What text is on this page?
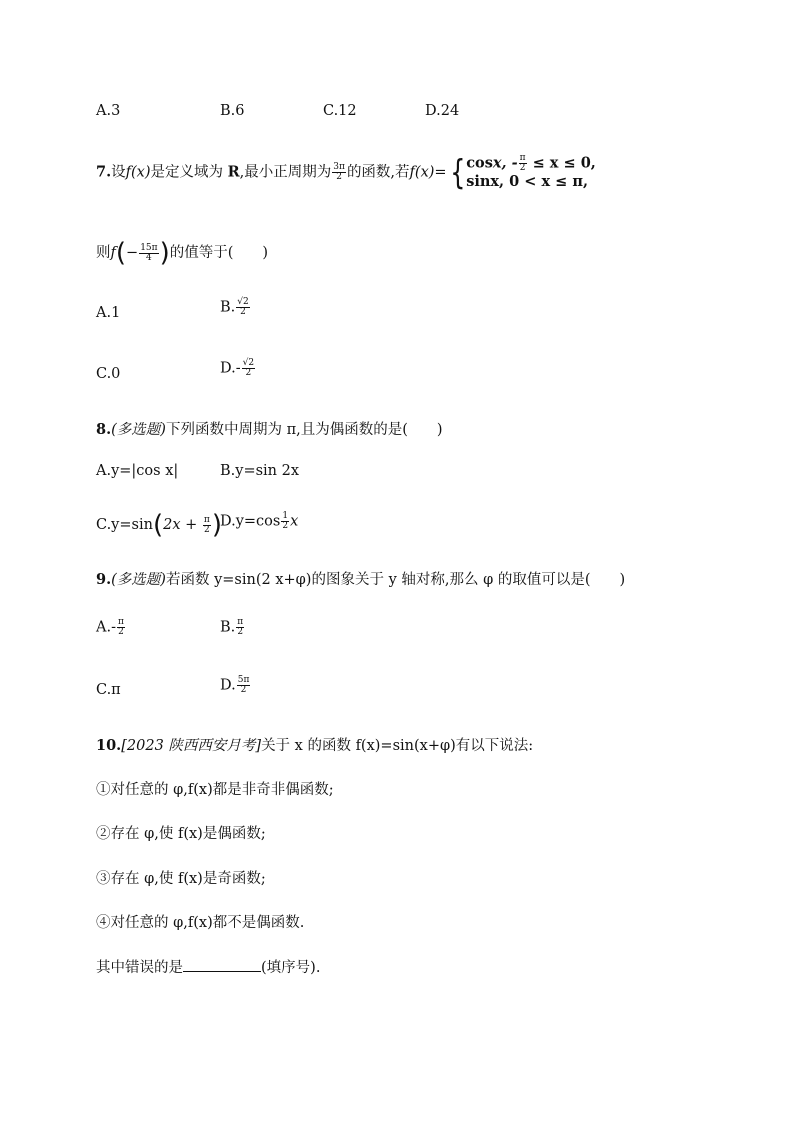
A.3	B.6	C.12	D.24
7.设f(x)是定义域为 R,最小正周期为 $\frac{3\pi}{2}$ 的函数,若f(x)={ cosx, - $\frac{\pi}{2} \le x \le 0$,
sinx, 0 < x ≤ π,
则$f(- \frac{15\pi}{4}$ )的值等于(　　)
A.1	B. $\frac{√2}{2}$
C.0	$D.- \frac{√2}{2}$
8.(多选题)下列函数中周期为 π,且为偶函数的是(　　)
A.y=|cos x|	B.y=sin 2x
$C.y=\sin(2x + \frac{\pi}{2}$ )
$D.y=\cos \frac{1}{2}$ x
9.(多选题)若函数 y=sin(2 x+φ)的图象关于 y 轴对称,那么 φ 的取值可以是(　　)
$A.- \frac{\pi}{2}$	B. $\frac{\pi}{2}$
C.π	D. $\frac{5\pi}{2}$
10.[2023 陕西西安月考]关于 x 的函数 f(x)=sin(x+φ)有以下说法:
①对任意的 φ,f(x)都是非奇非偶函数;
②存在 φ,使 f(x)是偶函数;
③存在 φ,使 f(x)是奇函数;
④对任意的 φ,f(x)都不是偶函数.
其中错误的是	(填序号).
